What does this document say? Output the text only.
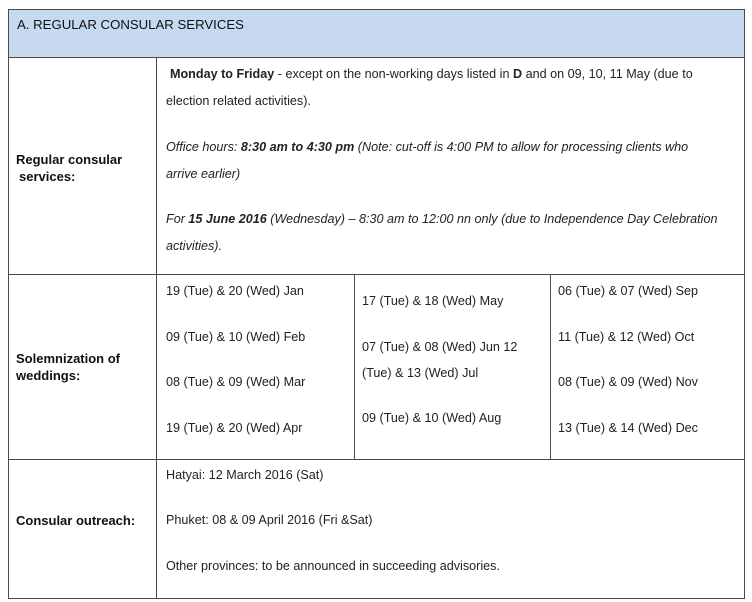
A. REGULAR CONSULAR SERVICES
Regular consular
services:
Monday to Friday - except on the non-working days listed in D and on 09, 10, 11 May (due to
election related activities).
Office hours: 8:30 am to 4:30 pm (Note: cut-off is 4:00 PM to allow for processing clients who
arrive earlier)
For 15 June 2016 (Wednesday) – 8:30 am to 12:00 nn only (due to Independence Day Celebration
activities).
Solemnization of
weddings:
19 (Tue) & 20 (Wed) Jan
09 (Tue) & 10 (Wed) Feb
08 (Tue) & 09 (Wed) Mar
19 (Tue) & 20 (Wed) Apr
17 (Tue) & 18 (Wed) May
07 (Tue) & 08 (Wed) Jun 12
(Tue) & 13 (Wed) Jul
09 (Tue) & 10 (Wed) Aug
06 (Tue) & 07 (Wed) Sep
11 (Tue) & 12 (Wed) Oct
08 (Tue) & 09 (Wed) Nov
13 (Tue) & 14 (Wed) Dec
Consular outreach:
Hatyai: 12 March 2016 (Sat)
Phuket: 08 & 09 April 2016 (Fri &Sat)
Other provinces: to be announced in succeeding advisories.
